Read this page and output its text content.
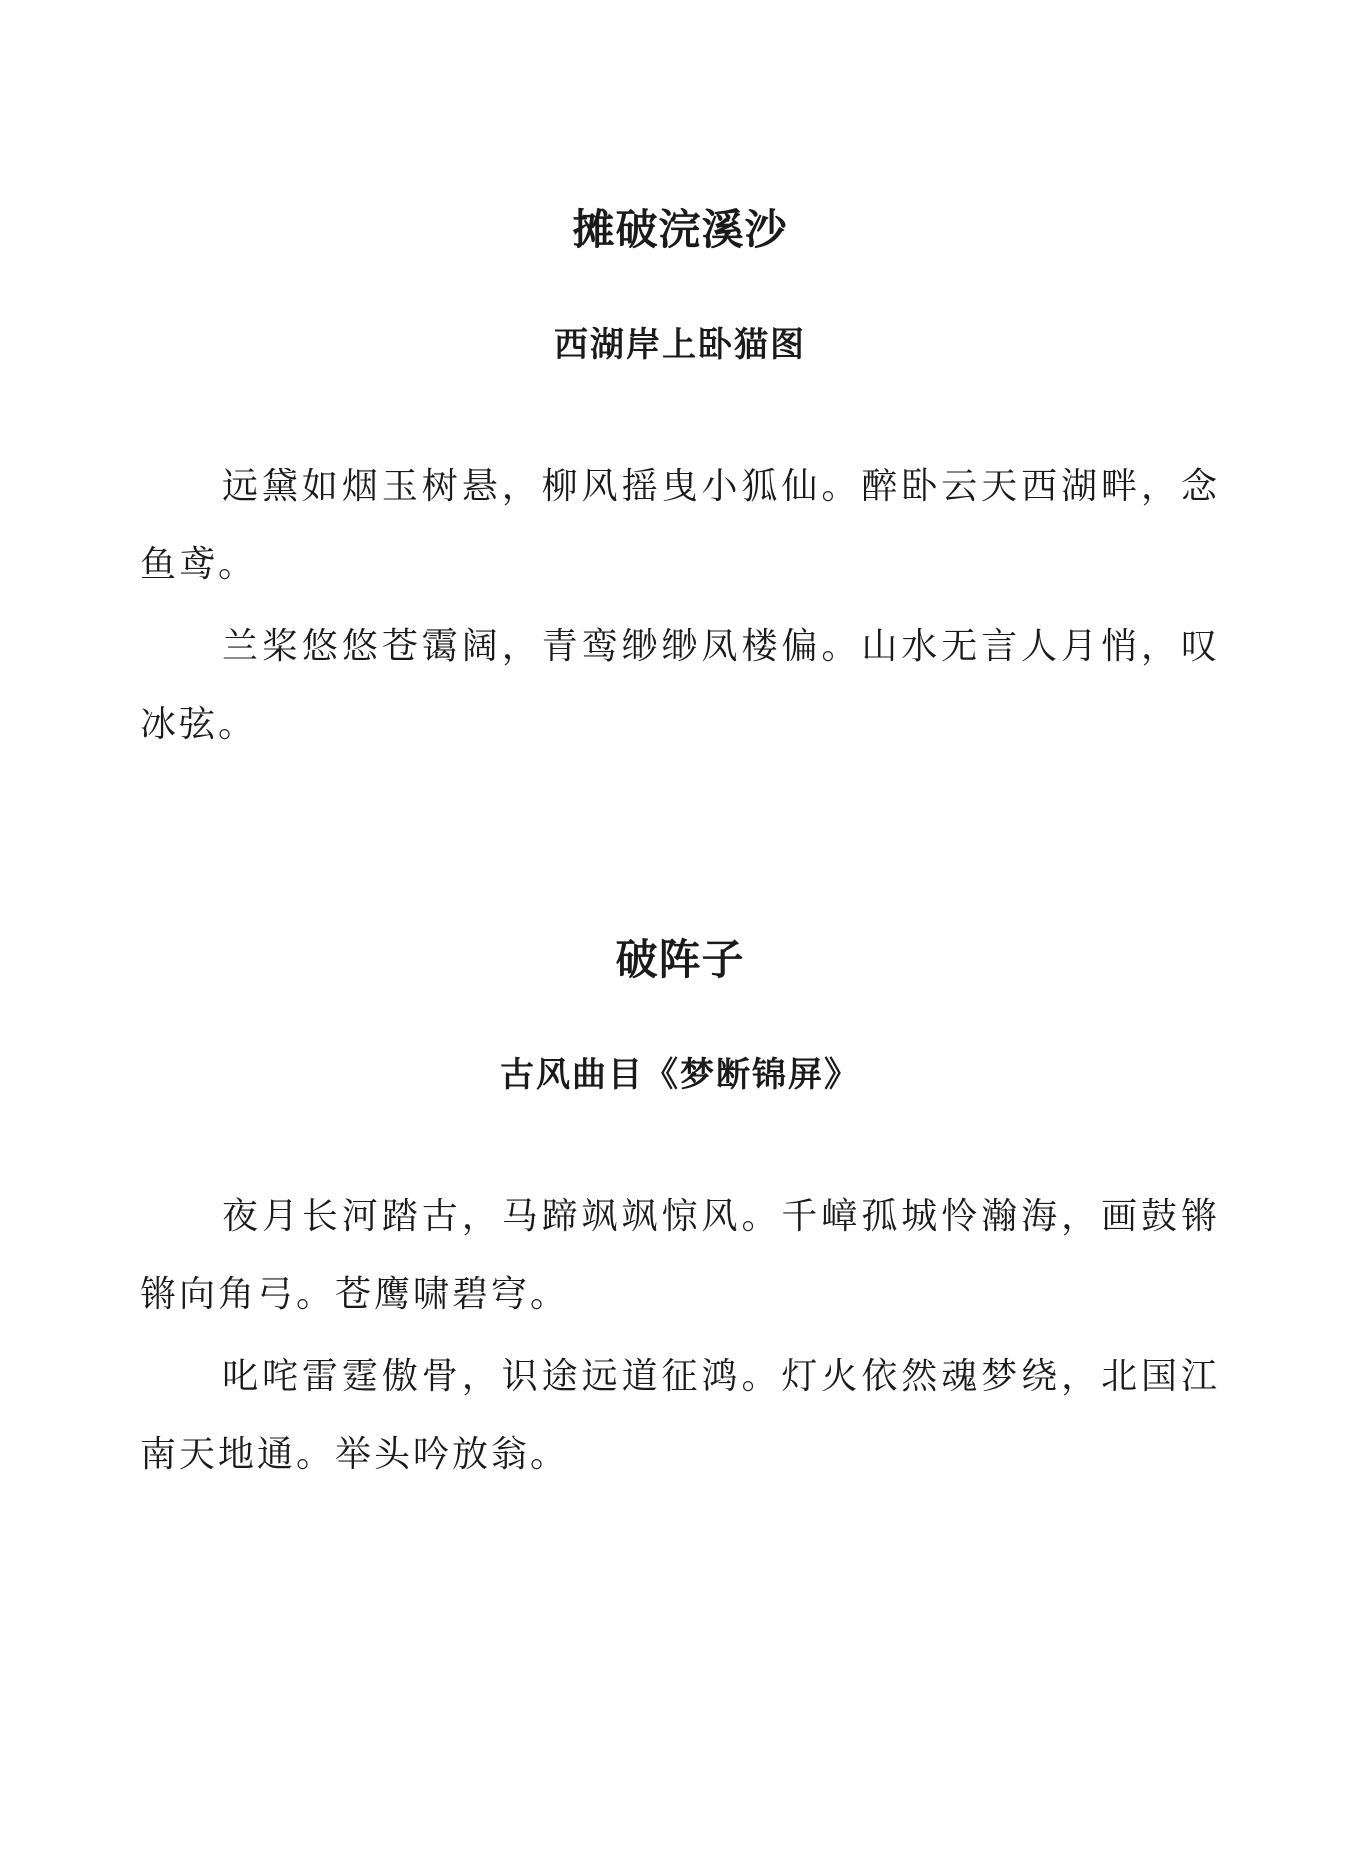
摊破浣溪沙
西湖岸上卧猫图

远黛如烟玉树悬，柳风摇曳小狐仙。醉卧云天西湖畔，念鱼鸢。

兰桨悠悠苍霭阔，青鸾缈缈凤楼偏。山水无言人月悄，叹冰弦。

破阵子
古风曲目《梦断锦屏》

夜月长河踏古，马蹄飒飒惊风。千嶂孤城怜瀚海，画鼓锵锵向角弓。苍鹰啸碧穹。

叱咤雷霆傲骨，识途远道征鸿。灯火依然魂梦绕，北国江南天地通。举头吟放翁。
